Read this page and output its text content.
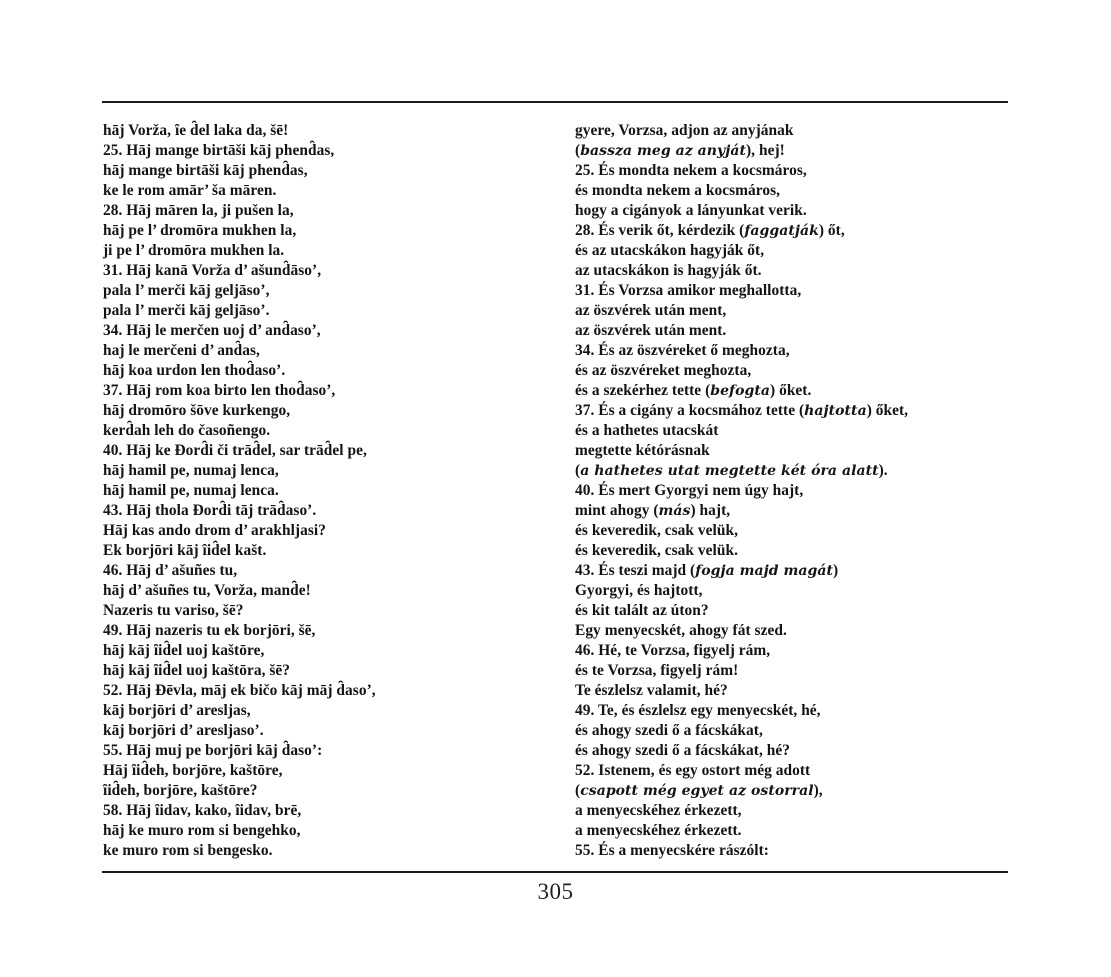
hāj Vorža, ȋe d̑el laka da, šē!
25. Hāj mange birtāši kāj phend̑as,
hāj mange birtāši kāj phend̑as,
ke le rom amār’ ša māren.
28. Hāj māren la, ji pušen la,
hāj pe l’ dromōra mukhen la,
ji pe l’ dromōra mukhen la.
31. Hāj kanā Vorža d’ ašund̑āso’,
pala l’ merči kāj geljāso’,
pala l’ merči kāj geljāso’.
34. Hāj le merčen uoj d’ and̑aso’,
haj le merčeni d’ and̑as,
hāj koa urdon len thod̑aso’.
37. Hāj rom koa birto len thod̑aso’,
hāj dromōro šōve kurkengo,
kerd̑ah leh do časoñengo.
40. Hāj ke Ɖord̑i či trād̑el, sar trād̑el pe,
hāj hamil pe, numaj lenca,
hāj hamil pe, numaj lenca.
43. Hāj thola Ɖord̑i tāj trād̑aso’.
Hāj kas ando drom d’ arakhljasi?
Ek borjōri kāj ȋid̑el kašt.
46. Hāj d’ ašuñes tu,
hāj d’ ašuñes tu, Vorža, mand̑e!
Nazeris tu variso, šē?
49. Hāj nazeris tu ek borjōri, šē,
hāj kāj ȋid̑el uoj kaštōre,
hāj kāj ȋid̑el uoj kaštōra, šē?
52. Hāj Ɖēvla, māj ek bičo kāj māj d̑aso’,
kāj borjōri d’ aresljas,
kāj borjōri d’ aresljaso’.
55. Hāj muj pe borjōri kāj d̑aso’:
Hāj ȋid̑eh, borjōre, kaštōre,
ȋid̑eh, borjōre, kaštōre?
58. Hāj ȋidav, kako, ȋidav, brē,
hāj ke muro rom si bengehko,
ke muro rom si bengesko.
gyere, Vorzsa, adjon az anyjának
(bassza meg az anyját), hej!
25. És mondta nekem a kocsmáros,
és mondta nekem a kocsmáros,
hogy a cigányok a lányunkat verik.
28. És verik őt, kérdezik (faggatják) őt,
és az utacskákon hagyják őt,
az utacskákon is hagyják őt.
31. És Vorzsa amikor meghallotta,
az öszvérek után ment,
az öszvérek után ment.
34. És az öszvéreket ő meghozta,
és az öszvéreket meghozta,
és a szekérhez tette (befogta) őket.
37. És a cigány a kocsmához tette (hajtotta) őket,
és a hathetes utacskát
megtette kétórásnak
(a hathetes utat megtette két óra alatt).
40. És mert Gyorgyi nem úgy hajt,
mint ahogy (más) hajt,
és keveredik, csak velük,
és keveredik, csak velük.
43. És teszi majd (fogja majd magát)
Gyorgyi, és hajtott,
és kit talált az úton?
Egy menyecskét, ahogy fát szed.
46. Hé, te Vorzsa, figyelj rám,
és te Vorzsa, figyelj rám!
Te észlelsz valamit, hé?
49. Te, és észlelsz egy menyecskét, hé,
és ahogy szedi ő a fácskákat,
és ahogy szedi ő a fácskákat, hé?
52. Istenem, és egy ostort még adott
(csapott még egyet az ostorral),
a menyecskéhez érkezett,
a menyecskéhez érkezett.
55. És a menyecskére rászólt:
305
